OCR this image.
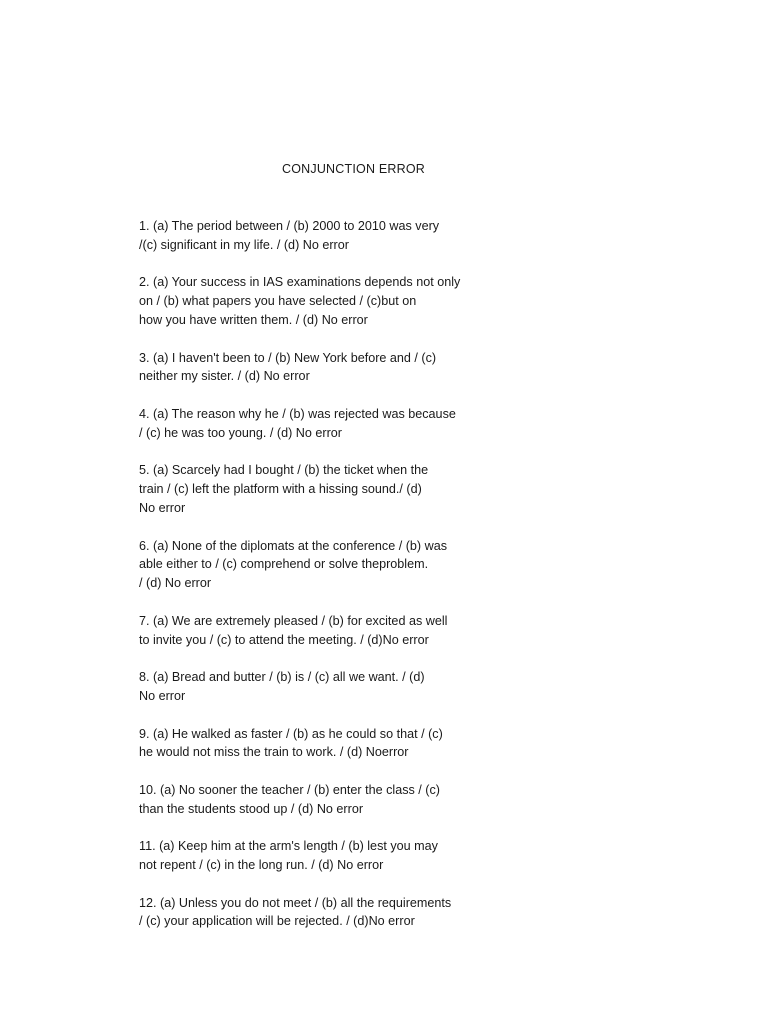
CONJUNCTION ERROR
1. (a) The period between / (b) 2000 to 2010 was very
/(c) significant in my life. / (d) No error
2. (a) Your success in IAS examinations depends not only
on / (b) what papers you have selected / (c)but on
how you have written them. / (d) No error
3. (a) I haven't been to / (b) New York before and / (c)
neither my sister. / (d) No error
4. (a) The reason why he / (b) was rejected was because
/ (c) he was too young. / (d) No error
5. (a) Scarcely had I bought / (b) the ticket when the
train / (c) left the platform with a hissing sound./ (d)
No error
6. (a) None of the diplomats at the conference / (b) was
able either to / (c) comprehend or solve theproblem.
/ (d) No error
7. (a) We are extremely pleased / (b) for excited as well
to invite you / (c) to attend the meeting. / (d)No error
8. (a) Bread and butter / (b) is / (c) all we want. / (d)
No error
9. (a) He walked as faster / (b) as he could so that / (c)
he would not miss the train to work. / (d) Noerror
10. (a) No sooner the teacher / (b) enter the class / (c)
than the students stood up / (d) No error
11. (a) Keep him at the arm's length / (b) lest you may
not repent / (c) in the long run. / (d) No error
12. (a) Unless you do not meet / (b) all the requirements
/ (c) your application will be rejected. / (d)No error
